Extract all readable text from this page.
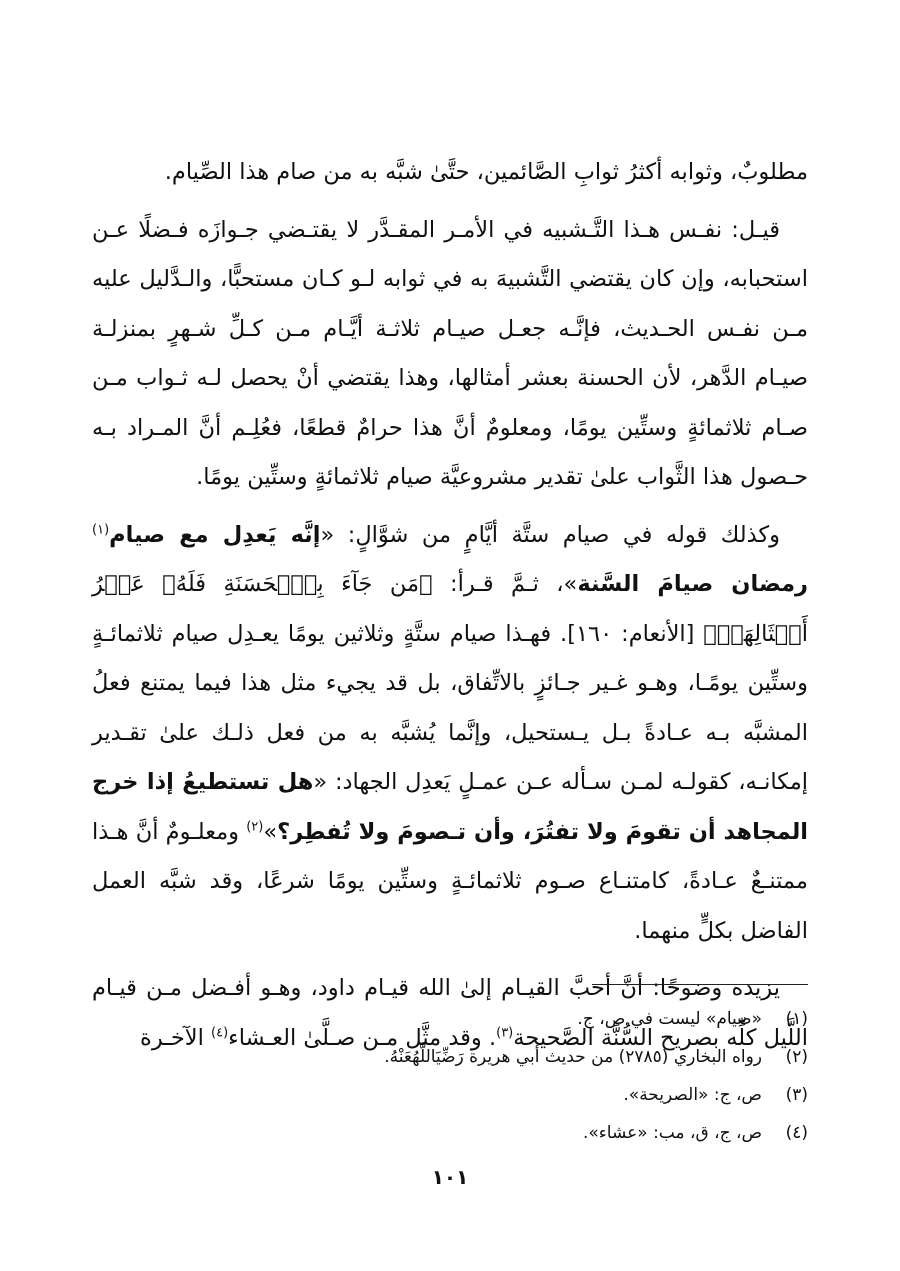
مطلوبٌ، وثوابه أكثرُ ثوابِ الصَّائمين، حتَّىٰ شبَّه به من صام هذا الصِّيام.

قيـل: نفـس هـذا التَّـشبيه في الأمـر المقـدَّر لا يقتـضي جـوازَه فـضلًا عـن استحبابه، وإن كان يقتضي التَّشبيهَ به في ثوابه لـو كـان مستحبًّا، والـدَّليل عليه مـن نفـس الحـديث، فإنَّـه جعـل صيـام ثلاثـة أيَّـام مـن كـلِّ شـهرٍ بمنزلـة صيـام الدَّهر، لأن الحسنة بعشر أمثالها، وهذا يقتضي أنْ يحصل لـه ثـواب مـن صـام ثلاثمائةٍ وستِّين يومًا، ومعلومٌ أنَّ هذا حرامٌ قطعًا، فعُلِـم أنَّ المـراد بـه حـصول هذا الثَّواب علىٰ تقدير مشروعيَّة صيام ثلاثمائةٍ وستِّين يومًا.

وكذلك قوله في صيام ستَّة أيَّامٍ من شوَّالٍ: «إنَّه يَعدِل مع صيام$^{(١)}$ رمضان صيامَ السَّنة»، ثـمَّ قـرأ: ﴿مَن جَآءَ بِٱلۡحَسَنَةِ فَلَهُۥ عَشۡرُ أَمۡثَالِهَاۖ﴾ [الأنعام: ١٦٠]. فهـذا صيام ستَّةٍ وثلاثين يومًا يعـدِل صيام ثلاثمائـةٍ وستِّين يومًـا، وهـو غـير جـائزٍ بالاتِّفاق، بل قد يجيء مثل هذا فيما يمتنع فعلُ المشبَّه بـه عـادةً بـل يـستحيل، وإنَّما يُشبَّه به من فعل ذلـك علىٰ تقـدير إمكانـه، كقولـه لمـن سـأله عـن عمـلٍ يَعدِل الجهاد: «هل تستطيعُ إذا خرج المجاهد أن تقومَ ولا تفتُرَ، وأن تـصومَ ولا تُفطِر؟»$^{(٢)}$ ومعلـومٌ أنَّ هـذا ممتنـعٌ عـادةً، كامتنـاع صـوم ثلاثمائـةٍ وستِّين يومًا شرعًا، وقد شبَّه العمل الفاضل بكلٍّ منهما.

يزيده وضوحًا: أنَّ أحبَّ القيـام إلىٰ الله قيـام داود، وهـو أفـضل مـن قيـام اللَّيل كلِّه بصريح السُّنَّة الصَّحيحة$^{(٣)}$. وقد مثَّل مـن صـلَّىٰ العـشاء$^{(٤)}$ الآخـرة

(١)«صيام» ليست في ص، ج.
(٢)رواه البخاري (٢٧٨٥) من حديث أبي هريرة رَضِّيَاللَّهُعَنْهُ.
(٣)ص، ج: «الصريحة».
(٤)ص، ج، ق، مب: «عشاء».
١٠١
